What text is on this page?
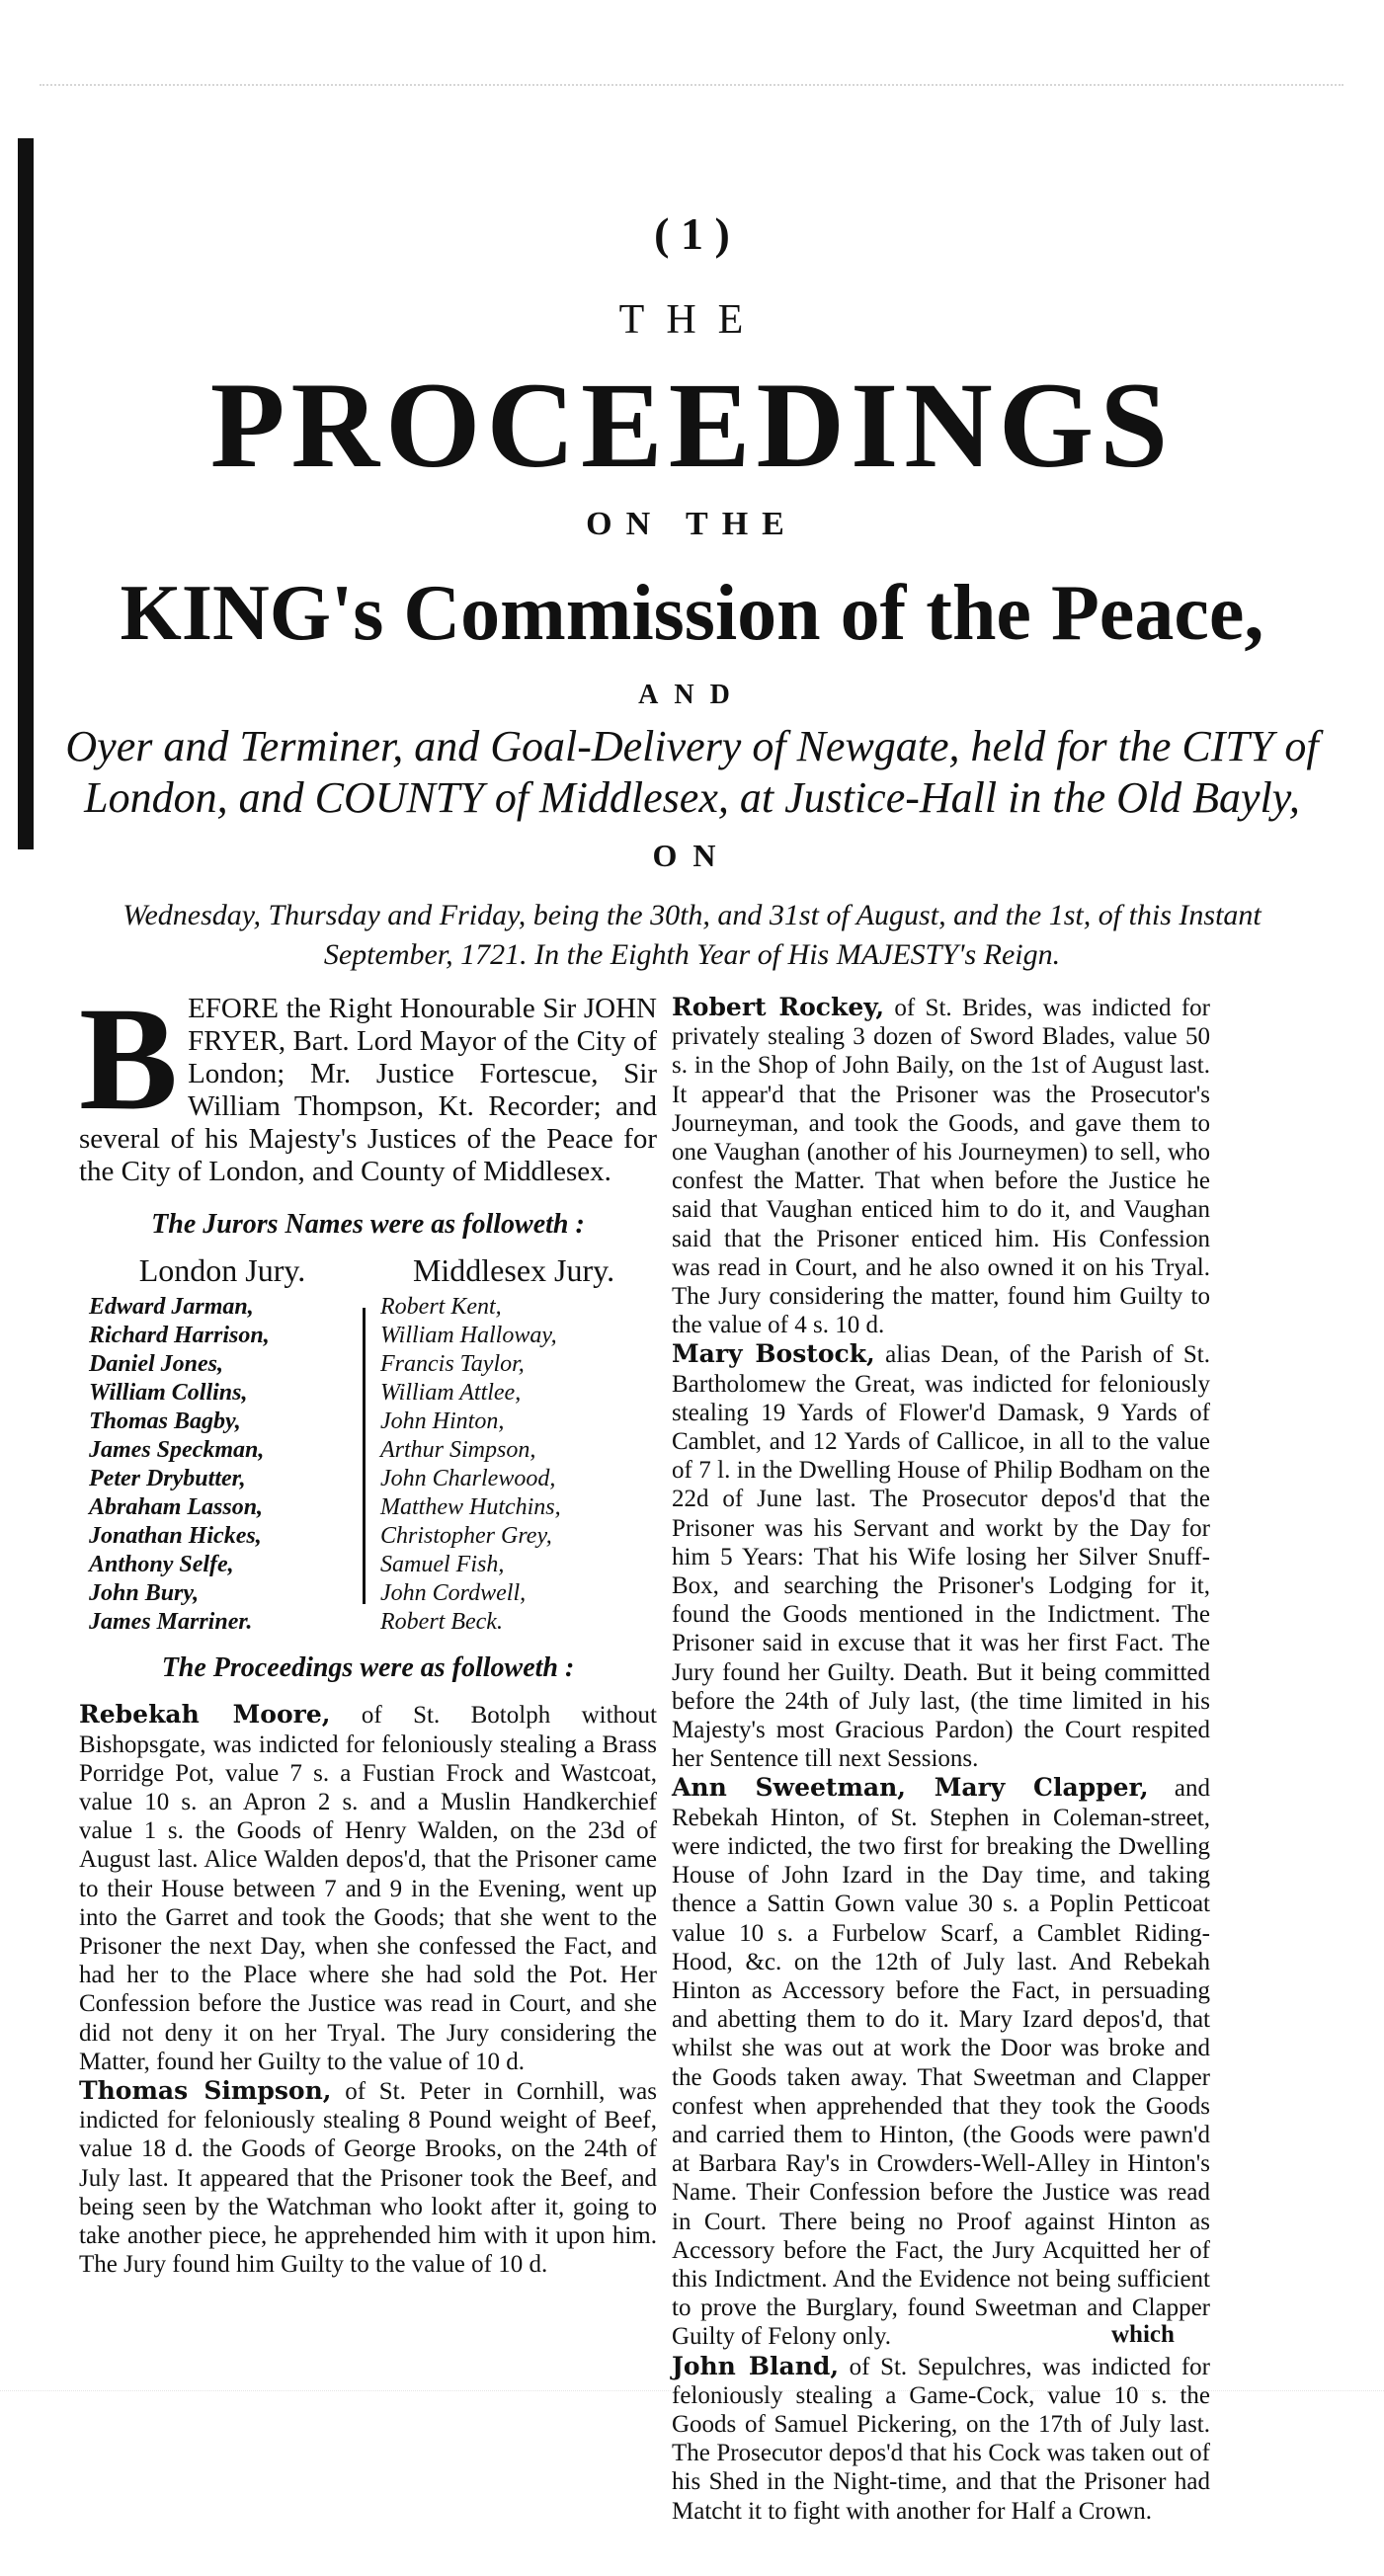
( 1 )
THE
PROCEEDINGS
ON THE
KING's Commission of the Peace,
AND
Oyer and Terminer, and Goal-Delivery of Newgate, held for the CITY of
London, and COUNTY of Middlesex, at Justice-Hall in the Old Bayly,
ON
Wednesday, Thursday and Friday, being the 30th, and 31st of August, and the 1st, of this Instant
September, 1721. In the Eighth Year of His MAJESTY's Reign.

BEFORE the Right Honourable Sir JOHN FRYER, Bart. Lord Mayor of the City of London; Mr. Justice Fortescue, Sir William Thompson, Kt. Recorder; and several of his Majesty's Justices of the Peace for the City of London, and County of Middlesex.

The Jurors Names were as followeth :
London Jury.
Edward Jarman,
Richard Harrison,
Daniel Jones,
William Collins,
Thomas Bagby,
James Speckman,
Peter Drybutter,
Abraham Lasson,
Jonathan Hickes,
Anthony Selfe,
John Bury,
James Marriner.
Middlesex Jury.
Robert Kent,
William Halloway,
Francis Taylor,
William Attlee,
John Hinton,
Arthur Simpson,
John Charlewood,
Matthew Hutchins,
Christopher Grey,
Samuel Fish,
John Cordwell,
Robert Beck.
The Proceedings were as followeth :

Rebekah Moore, of St. Botolph without Bishopsgate, was indicted for feloniously stealing a Brass Porridge Pot, value 7 s. a Fustian Frock and Wastcoat, value 10 s. an Apron 2 s. and a Muslin Handkerchief value 1 s. the Goods of Henry Walden, on the 23d of August last. Alice Walden depos'd, that the Prisoner came to their House between 7 and 9 in the Evening, went up into the Garret and took the Goods; that she went to the Prisoner the next Day, when she confessed the Fact, and had her to the Place where she had sold the Pot. Her Confession before the Justice was read in Court, and she did not deny it on her Tryal. The Jury considering the Matter, found her Guilty to the value of 10 d.

Thomas Simpson, of St. Peter in Cornhill, was indicted for feloniously stealing 8 Pound weight of Beef, value 18 d. the Goods of George Brooks, on the 24th of July last. It appeared that the Prisoner took the Beef, and being seen by the Watchman who lookt after it, going to take another piece, he apprehended him with it upon him. The Jury found him Guilty to the value of 10 d.

Robert Rockey, of St. Brides, was indicted for privately stealing 3 dozen of Sword Blades, value 50 s. in the Shop of John Baily, on the 1st of August last. It appear'd that the Prisoner was the Prosecutor's Journeyman, and took the Goods, and gave them to one Vaughan (another of his Journeymen) to sell, who confest the Matter. That when before the Justice he said that Vaughan enticed him to do it, and Vaughan said that the Prisoner enticed him. His Confession was read in Court, and he also owned it on his Tryal. The Jury considering the matter, found him Guilty to the value of 4 s. 10 d.

Mary Bostock, alias Dean, of the Parish of St. Bartholomew the Great, was indicted for feloniously stealing 19 Yards of Flower'd Damask, 9 Yards of Camblet, and 12 Yards of Callicoe, in all to the value of 7 l. in the Dwelling House of Philip Bodham on the 22d of June last. The Prosecutor depos'd that the Prisoner was his Servant and workt by the Day for him 5 Years: That his Wife losing her Silver Snuff-Box, and searching the Prisoner's Lodging for it, found the Goods mentioned in the Indictment. The Prisoner said in excuse that it was her first Fact. The Jury found her Guilty. Death. But it being committed before the 24th of July last, (the time limited in his Majesty's most Gracious Pardon) the Court respited her Sentence till next Sessions.

Ann Sweetman, Mary Clapper, and Rebekah Hinton, of St. Stephen in Coleman-street, were indicted, the two first for breaking the Dwelling House of John Izard in the Day time, and taking thence a Sattin Gown value 30 s. a Poplin Petticoat value 10 s. a Furbelow Scarf, a Camblet Riding-Hood, &c. on the 12th of July last. And Rebekah Hinton as Accessory before the Fact, in persuading and abetting them to do it. Mary Izard depos'd, that whilst she was out at work the Door was broke and the Goods taken away. That Sweetman and Clapper confest when apprehended that they took the Goods and carried them to Hinton, (the Goods were pawn'd at Barbara Ray's in Crowders-Well-Alley in Hinton's Name. Their Confession before the Justice was read in Court. There being no Proof against Hinton as Accessory before the Fact, the Jury Acquitted her of this Indictment. And the Evidence not being sufficient to prove the Burglary, found Sweetman and Clapper Guilty of Felony only.

John Bland, of St. Sepulchres, was indicted for feloniously stealing a Game-Cock, value 10 s. the Goods of Samuel Pickering, on the 17th of July last. The Prosecutor depos'd that his Cock was taken out of his Shed in the Night-time, and that the Prisoner had Matcht it to fight with another for Half a Crown.

which
